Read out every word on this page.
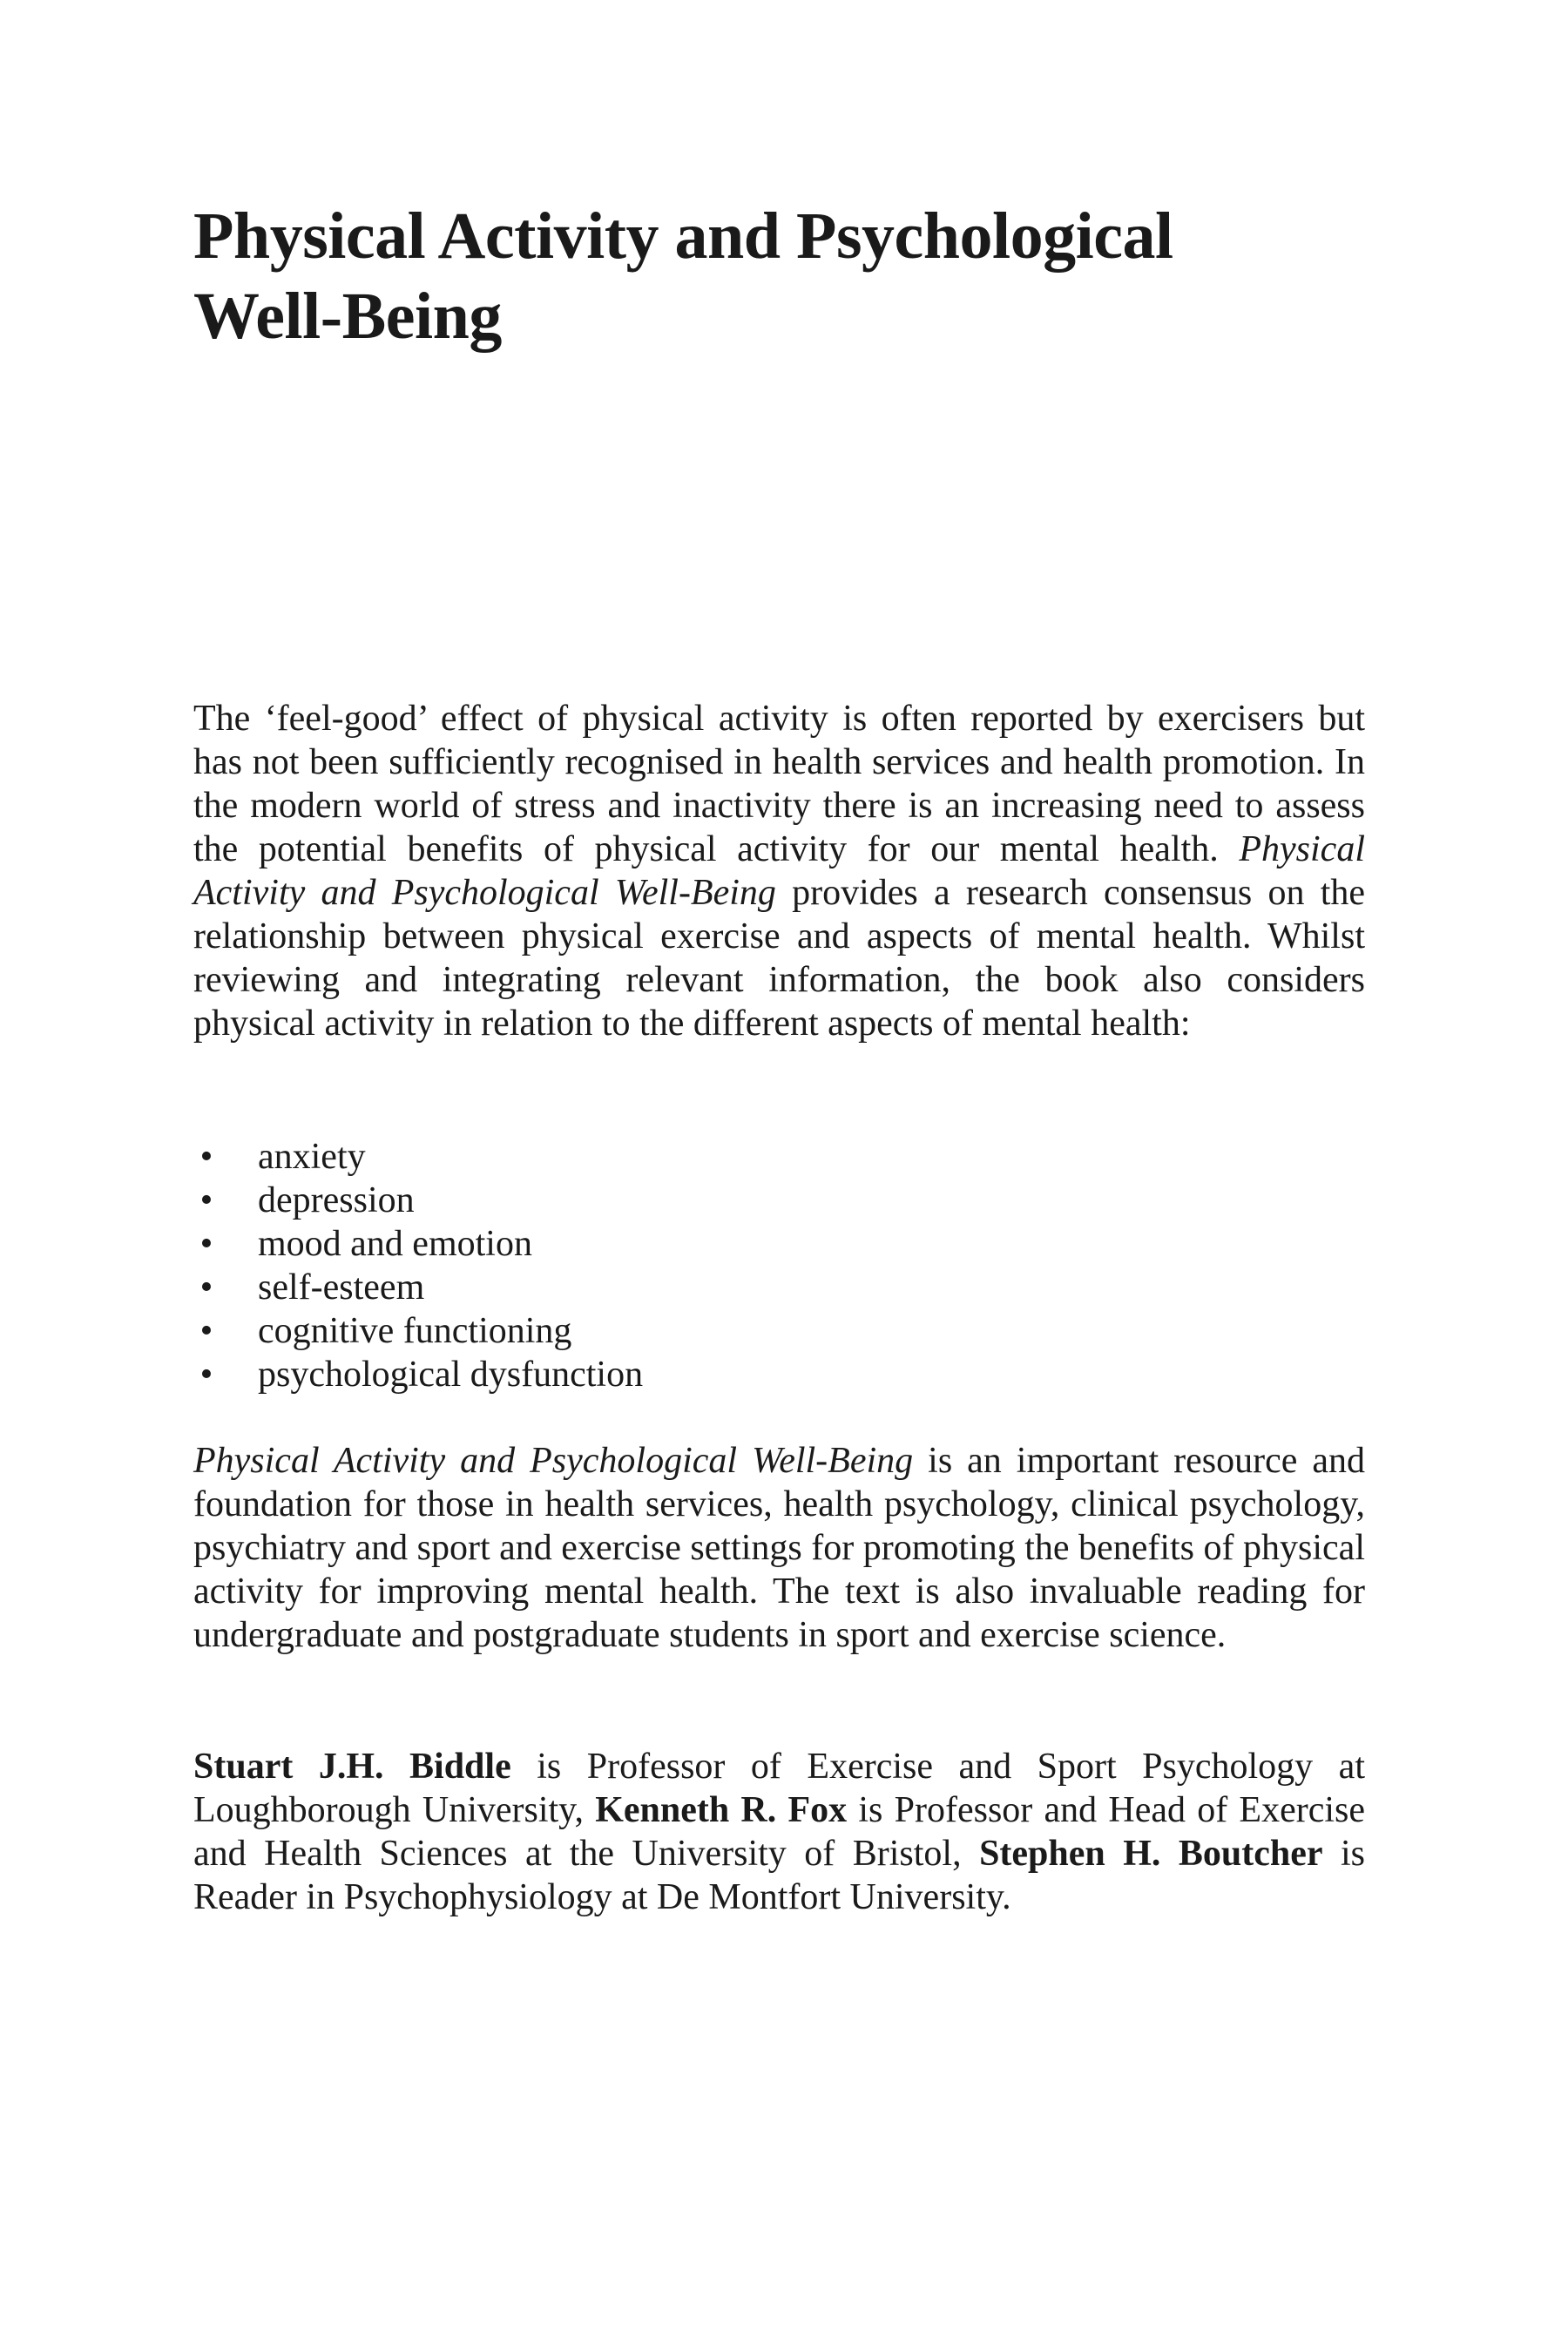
Physical Activity and Psychological
Well-Being

The ‘feel-good’ effect of physical activity is often reported by exercisers but has not been sufficiently recognised in health services and health promotion. In the modern world of stress and inactivity there is an increasing need to assess the potential benefits of physical activity for our mental health. Physical Activity and Psychological Well-Being provides a research consensus on the relationship between physical exercise and aspects of mental health. Whilst reviewing and integrating relevant information, the book also considers physical activity in relation to the different aspects of mental health:

• anxiety
• depression
• mood and emotion
• self-esteem
• cognitive functioning
• psychological dysfunction

Physical Activity and Psychological Well-Being is an important resource and foundation for those in health services, health psychology, clinical psychology, psychiatry and sport and exercise settings for promoting the benefits of physical activity for improving mental health. The text is also invaluable reading for undergraduate and postgraduate students in sport and exercise science.

Stuart J.H. Biddle is Professor of Exercise and Sport Psychology at Loughborough University, Kenneth R. Fox is Professor and Head of Exercise and Health Sciences at the University of Bristol, Stephen H. Boutcher is Reader in Psychophysiology at De Montfort University.
